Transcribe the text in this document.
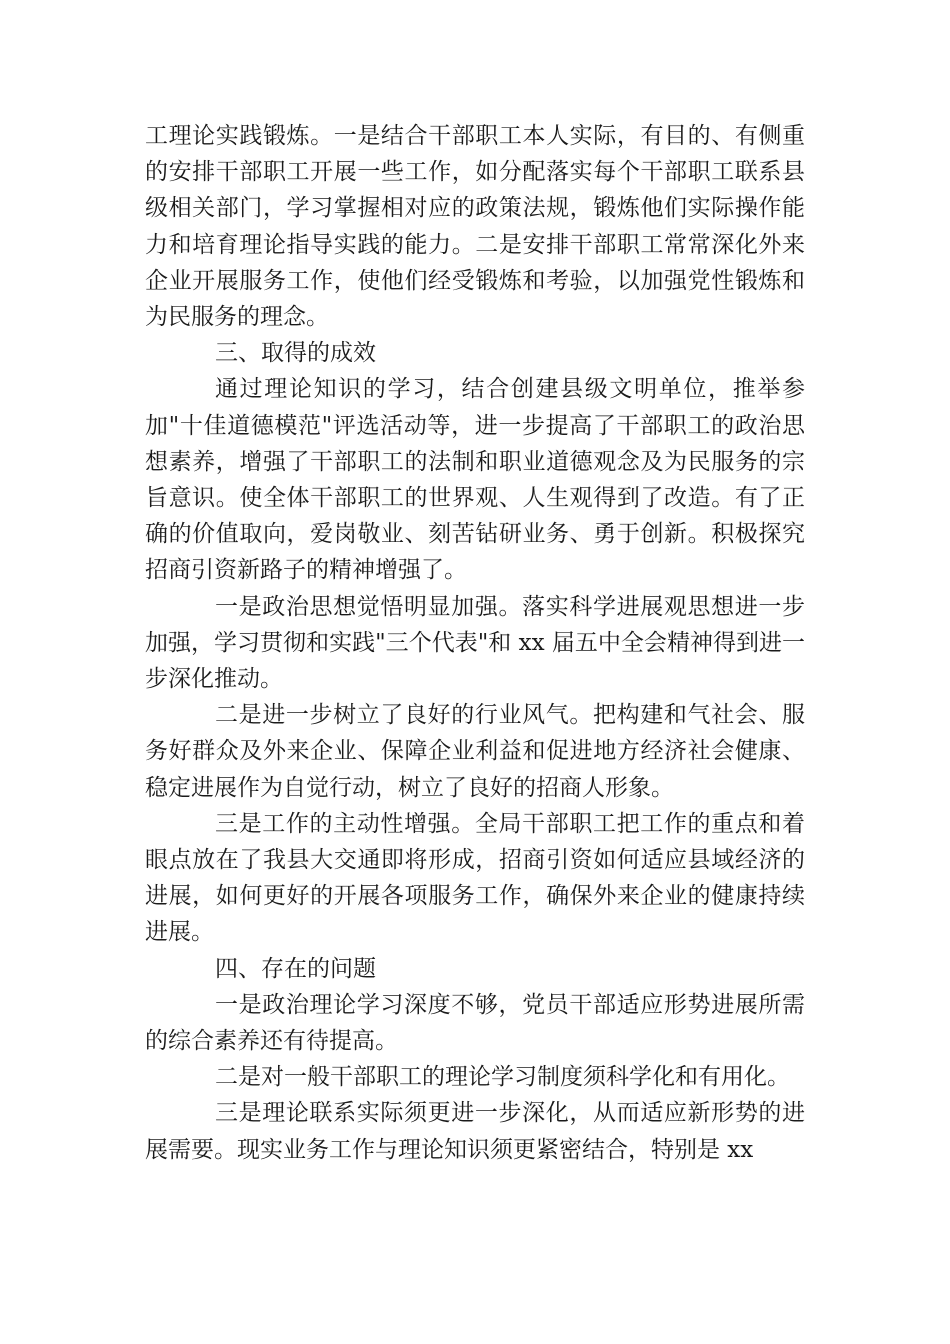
工理论实践锻炼。一是结合干部职工本人实际，有目的、有侧重的安排干部职工开展一些工作，如分配落实每个干部职工联系县级相关部门，学习掌握相对应的政策法规，锻炼他们实际操作能力和培育理论指导实践的能力。二是安排干部职工常常深化外来企业开展服务工作，使他们经受锻炼和考验，以加强党性锻炼和为民服务的理念。

三、取得的成效

通过理论知识的学习，结合创建县级文明单位，推举参加"十佳道德模范"评选活动等，进一步提高了干部职工的政治思想素养，增强了干部职工的法制和职业道德观念及为民服务的宗旨意识。使全体干部职工的世界观、人生观得到了改造。有了正确的价值取向，爱岗敬业、刻苦钻研业务、勇于创新。积极探究招商引资新路子的精神增强了。

一是政治思想觉悟明显加强。落实科学进展观思想进一步加强，学习贯彻和实践"三个代表"和 xx 届五中全会精神得到进一步深化推动。

二是进一步树立了良好的行业风气。把构建和气社会、服务好群众及外来企业、保障企业利益和促进地方经济社会健康、稳定进展作为自觉行动，树立了良好的招商人形象。

三是工作的主动性增强。全局干部职工把工作的重点和着眼点放在了我县大交通即将形成，招商引资如何适应县域经济的进展，如何更好的开展各项服务工作，确保外来企业的健康持续进展。

四、存在的问题

一是政治理论学习深度不够，党员干部适应形势进展所需的综合素养还有待提高。

二是对一般干部职工的理论学习制度须科学化和有用化。

三是理论联系实际须更进一步深化，从而适应新形势的进展需要。现实业务工作与理论知识须更紧密结合，特别是 xx
